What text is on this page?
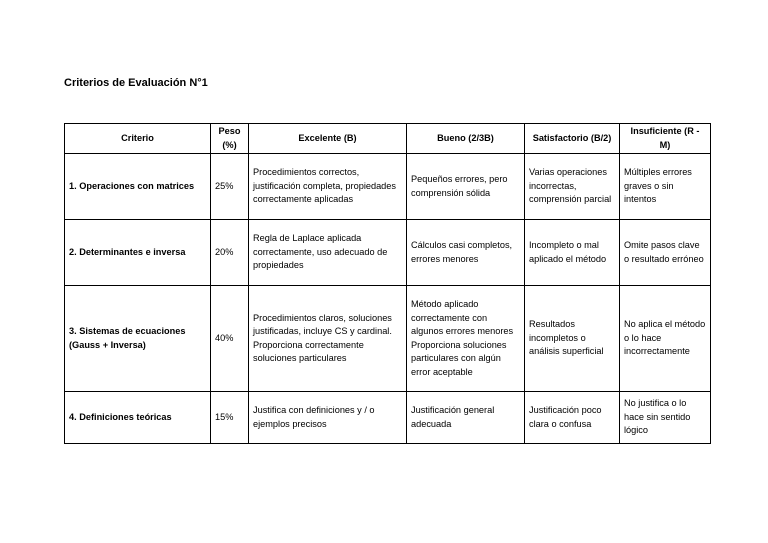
Criterios de Evaluación N°1
Criterio	Peso (%)	Excelente (B)	Bueno (2/3B)	Satisfactorio (B/2)	Insuficiente (R - M)
1. Operaciones con matrices	25%	Procedimientos correctos, justificación completa, propiedades correctamente aplicadas	Pequeños errores, pero comprensión sólida	Varias operaciones incorrectas, comprensión parcial	Múltiples errores graves o sin intentos
2. Determinantes e inversa	20%	Regla de Laplace aplicada correctamente, uso adecuado de propiedades	Cálculos casi completos, errores menores	Incompleto o mal aplicado el método	Omite pasos clave o resultado erróneo
3. Sistemas de ecuaciones (Gauss + Inversa)	40%	Procedimientos claros, soluciones justificadas, incluye CS y cardinal. Proporciona correctamente soluciones particulares	Método aplicado correctamente con algunos errores menores Proporciona soluciones particulares con algún error aceptable	Resultados incompletos o análisis superficial	No aplica el método o lo hace incorrectamente
4. Definiciones teóricas	15%	Justifica con definiciones y / o ejemplos precisos	Justificación general adecuada	Justificación poco clara o confusa	No justifica o lo hace sin sentido lógico
